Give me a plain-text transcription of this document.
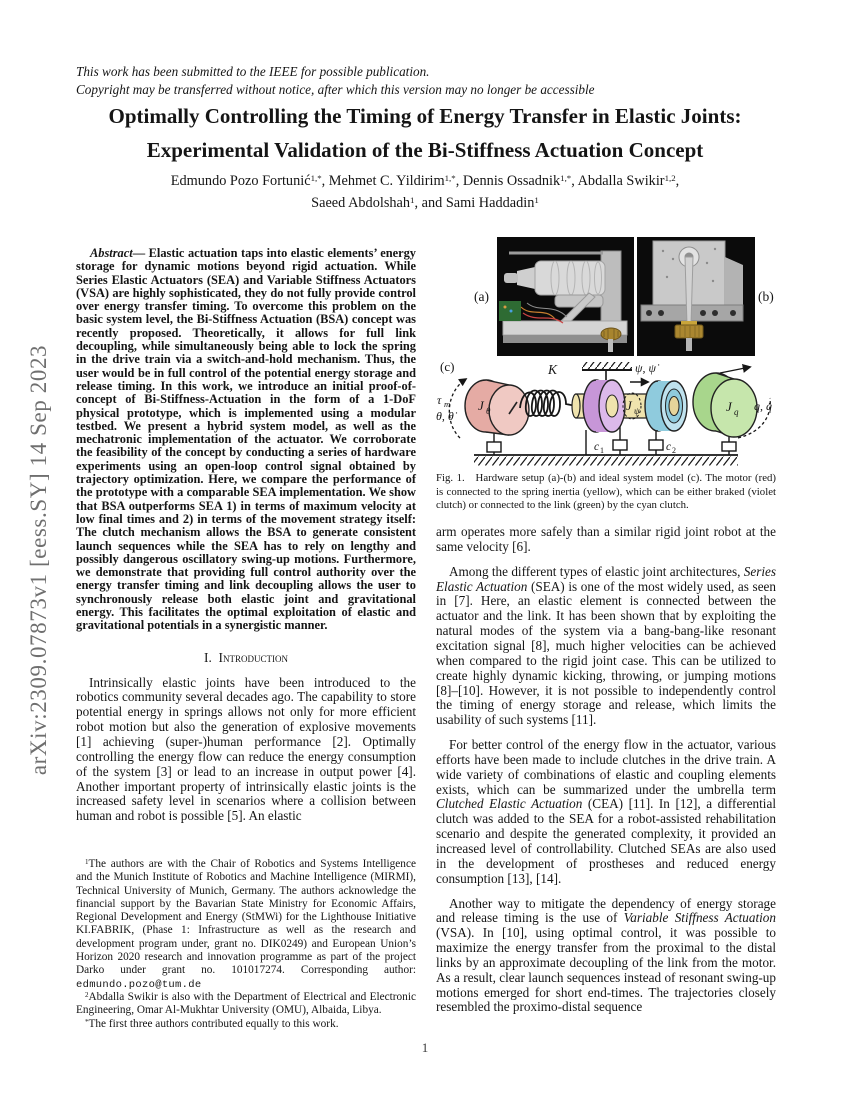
arXiv:2309.07873v1 [eess.SY] 14 Sep 2023
This work has been submitted to the IEEE for possible publication.
Copyright may be transferred without notice, after which this version may no longer be accessible
Optimally Controlling the Timing of Energy Transfer in Elastic Joints:
Experimental Validation of the Bi-Stiffness Actuation Concept
Edmundo Pozo Fortunić$^{1,*}$, Mehmet C. Yildirim$^{1,*}$, Dennis Ossadnik$^{1,*}$, Abdalla Swikir$^{1,2}$,
Saeed Abdolshah$^1$, and Sami Haddadin$^1$

Abstract— Elastic actuation taps into elastic elements’ energy storage for dynamic motions beyond rigid actuation. While Series Elastic Actuators (SEA) and Variable Stiffness Actuators (VSA) are highly sophisticated, they do not fully provide control over energy transfer timing. To overcome this problem on the basic system level, the Bi-Stiffness Actuation (BSA) concept was recently proposed. Theoretically, it allows for full link decoupling, while simultaneously being able to lock the spring in the drive train via a switch-and-hold mechanism. Thus, the user would be in full control of the potential energy storage and release timing. In this work, we introduce an initial proof-of-concept of Bi-Stiffness-Actuation in the form of a 1-DoF physical prototype, which is implemented using a modular testbed. We present a hybrid system model, as well as the mechatronic implementation of the actuator. We corroborate the feasibility of the concept by conducting a series of hardware experiments using an open-loop control signal obtained by trajectory optimization. Here, we compare the performance of the prototype with a comparable SEA implementation. We show that BSA outperforms SEA 1) in terms of maximum velocity at low final times and 2) in terms of the movement strategy itself: The clutch mechanism allows the BSA to generate consistent launch sequences while the SEA has to rely on lengthy and possibly dangerous oscillatory swing-up motions. Furthermore, we demonstrate that providing full control authority over the energy transfer timing and link decoupling allows the user to synchronously release both elastic joint and gravitational energy. This facilitates the optimal exploitation of elastic and gravitational potentials in a synergistic manner.

I. Introduction

Intrinsically elastic joints have been introduced to the robotics community several decades ago. The capability to store potential energy in springs allows not only for more efficient robot motion but also the generation of explosive movements [1] achieving (super-)human performance [2]. Optimally controlling the energy flow can reduce the energy consumption of the system [3] or lead to an increase in output power [4]. Another important property of intrinsically elastic joints is the increased safety level in scenarios where a collision between human and robot is possible [5]. An elastic

$^1$The authors are with the Chair of Robotics and Systems Intelligence and the Munich Institute of Robotics and Machine Intelligence (MIRMI), Technical University of Munich, Germany. The authors acknowledge the financial support by the Bavarian State Ministry for Economic Affairs, Regional Development and Energy (StMWi) for the Lighthouse Initiative KI.FABRIK, (Phase 1: Infrastructure as well as the research and development program under, grant no. DIK0249) and European Union’s Horizon 2020 research and innovation programme as part of the project Darko under grant no. 101017274. Corresponding author: edmundo.pozo@tum.de

$^2$Abdalla Swikir is also with the Department of Electrical and Electronic Engineering, Omar Al-Mukhtar University (OMU), Albaida, Libya.

*The first three authors contributed equally to this work.

(a)	(b)
(c)	K
τ m
θ, θ̇
J θ
ψ, ψ̇
J ψ	J q q, q̇
c 1	c 2

Fig. 1.  Hardware setup (a)-(b) and ideal system model (c). The motor (red) is connected to the spring inertia (yellow), which can be either braked (violet clutch) or connected to the link (green) by the cyan clutch.

arm operates more safely than a similar rigid joint robot at the same velocity [6].

Among the different types of elastic joint architectures, Series Elastic Actuation (SEA) is one of the most widely used, as seen in [7]. Here, an elastic element is connected between the actuator and the link. It has been shown that by exploiting the natural modes of the system via a bang-bang-like resonant excitation signal [8], much higher velocities can be achieved when compared to the rigid joint case. This can be utilized to create highly dynamic kicking, throwing, or jumping motions [8]–[10]. However, it is not possible to independently control the timing of energy storage and release, which limits the usability of such systems [11].

For better control of the energy flow in the actuator, various efforts have been made to include clutches in the drive train. A wide variety of combinations of elastic and coupling elements exists, which can be summarized under the umbrella term Clutched Elastic Actuation (CEA) [11]. In [12], a differential clutch was added to the SEA for a robot-assisted rehabilitation scenario and despite the generated complexity, it provided an increased level of controllability. Clutched SEAs are also used in the development of prostheses and reduced energy consumption [13], [14].

Another way to mitigate the dependency of energy storage and release timing is the use of Variable Stiffness Actuation (VSA). In [10], using optimal control, it was possible to maximize the energy transfer from the proximal to the distal links by an approximate decoupling of the link from the motor. As a result, clear launch sequences instead of resonant swing-up motions emerged for short end-times. The trajectories closely resembled the proximo-distal sequence

1
